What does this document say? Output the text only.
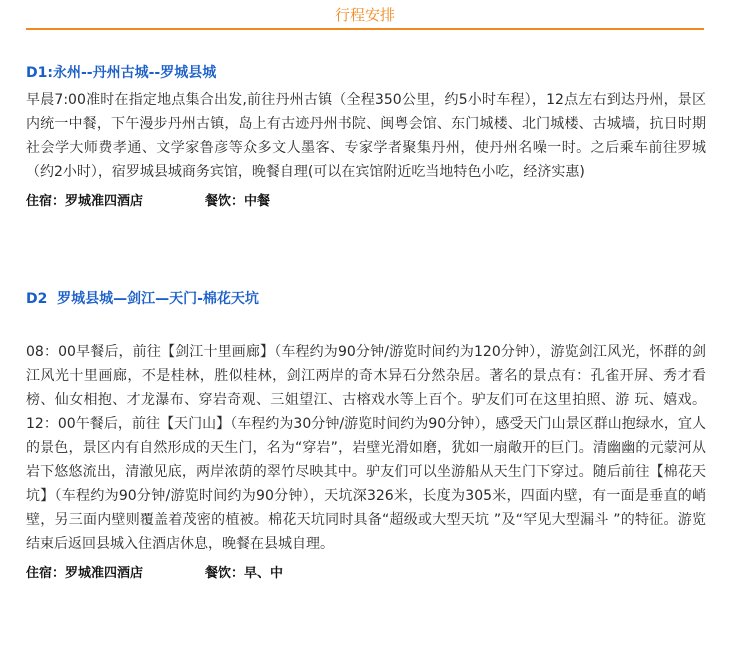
行程安排
D1:永州--丹州古城--罗城县城
早晨7:00准时在指定地点集合出发,前往丹州古镇（全程350公里，约5小时车程），12点左右到达丹州，景区内统一中餐，下午漫步丹州古镇，岛上有古迹丹州书院、闽粤会馆、东门城楼、北门城楼、古城墙，抗日时期社会学大师费孝通、文学家鲁彦等众多文人墨客、专家学者聚集丹州，使丹州名噪一时。之后乘车前往罗城（约2小时），宿罗城县城商务宾馆，晚餐自理(可以在宾馆附近吃当地特色小吃，经济实惠)
住宿：罗城准四酒店	餐饮：中餐
D2  罗城县城—剑江—天门-棉花天坑
08：00早餐后，前往【剑江十里画廊】（车程约为90分钟/游览时间约为120分钟），游览剑江风光，怀群的剑江风光十里画廊，不是桂林，胜似桂林，剑江两岸的奇木异石分然杂居。著名的景点有：孔雀开屏、秀才看榜、仙女相抱、才龙瀑布、穿岩奇观、三姐望江、古榕戏水等上百个。驴友们可在这里拍照、游 玩、嬉戏。12：00午餐后，前往【天门山】（车程约为30分钟/游览时间约为90分钟），感受天门山景区群山抱绿水，宜人的景色，景区内有自然形成的天生门，名为“穿岩”，岩壁光滑如磨，犹如一扇敞开的巨门。清幽幽的元蒙河从岩下悠悠流出，清澈见底，两岸浓荫的翠竹尽映其中。驴友们可以坐游船从天生门下穿过。随后前往【棉花天坑】（车程约为90分钟/游览时间约为90分钟），天坑深326米，长度为305米，四面内壁，有一面是垂直的峭壁，另三面内壁则覆盖着茂密的植被。棉花天坑同时具备“超级或大型天坑 ”及“罕见大型漏斗 ”的特征。游览结束后返回县城入住酒店休息，晚餐在县城自理。
住宿：罗城准四酒店	餐饮：早、中
